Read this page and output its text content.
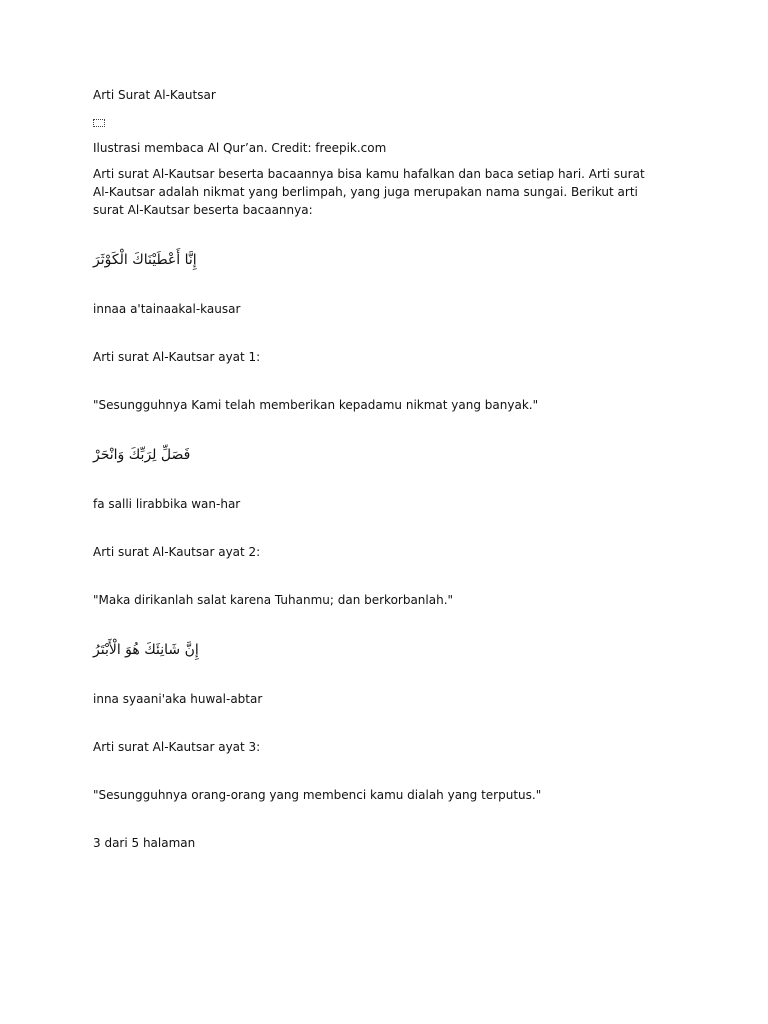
Arti Surat Al-Kautsar
Ilustrasi membaca Al Qur’an. Credit: freepik.com
Arti surat Al-Kautsar beserta bacaannya bisa kamu hafalkan dan baca setiap hari. Arti surat Al-Kautsar adalah nikmat yang berlimpah, yang juga merupakan nama sungai. Berikut arti surat Al-Kautsar beserta bacaannya:
إِنَّا أَعْطَيْنَاكَ الْكَوْثَرَ
innaa a'tainaakal-kausar
Arti surat Al-Kautsar ayat 1:
"Sesungguhnya Kami telah memberikan kepadamu nikmat yang banyak."
فَصَلِّ لِرَبِّكَ وَانْحَرْ
fa salli lirabbika wan-har
Arti surat Al-Kautsar ayat 2:
"Maka dirikanlah salat karena Tuhanmu; dan berkorbanlah."
إِنَّ شَانِئَكَ هُوَ الْأَبْتَرُ
inna syaani'aka huwal-abtar
Arti surat Al-Kautsar ayat 3:
"Sesungguhnya orang-orang yang membenci kamu dialah yang terputus."
3 dari 5 halaman
